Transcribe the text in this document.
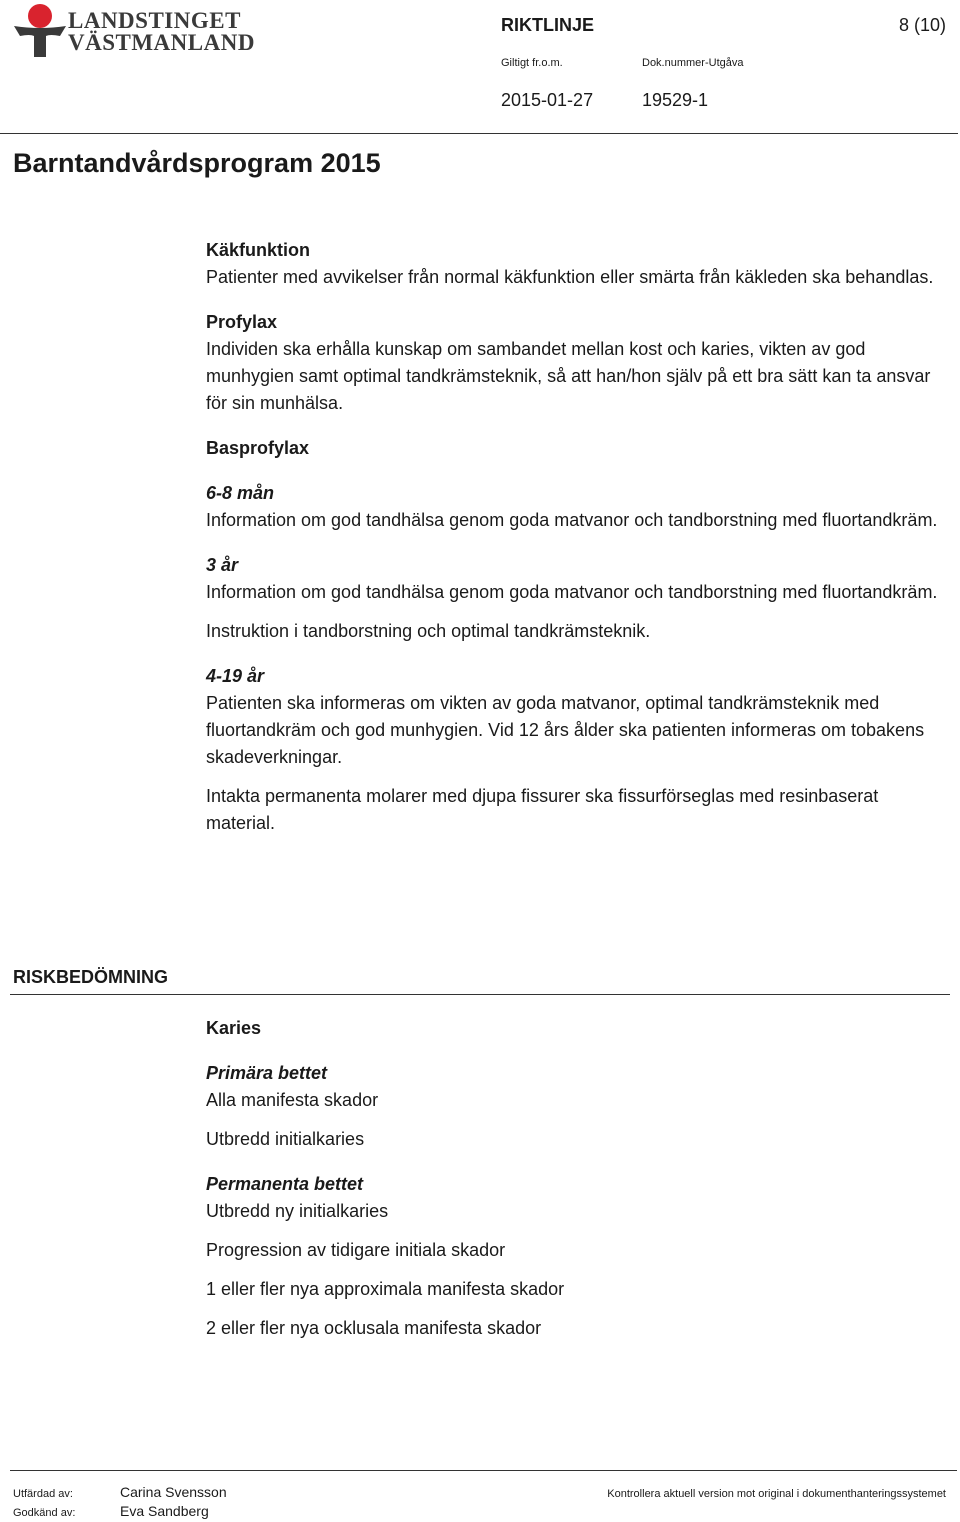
LANDSTINGET
VÄSTMANLAND
RIKTLINJE	8 (10)
Giltigt fr.o.m.	Dok.nummer-Utgåva
2015-01-27	19529-1
Barntandvårdsprogram 2015

Käkfunktion

Patienter med avvikelser från normal käkfunktion eller smärta från käkleden ska behandlas.

Profylax

Individen ska erhålla kunskap om sambandet mellan kost och karies, vikten av god munhygien samt optimal tandkrämsteknik, så att han/hon själv på ett bra sätt kan ta ansvar för sin munhälsa.

Basprofylax

6-8 mån

Information om god tandhälsa genom goda matvanor och tandborstning med fluortandkräm.

3 år

Information om god tandhälsa genom goda matvanor och tandborstning med fluortandkräm.

Instruktion i tandborstning och optimal tandkrämsteknik.

4-19 år

Patienten ska informeras om vikten av goda matvanor, optimal tandkrämsteknik med fluortandkräm och god munhygien. Vid 12 års ålder ska patienten informeras om tobakens skadeverkningar.

Intakta permanenta molarer med djupa fissurer ska fissurförseglas med resinbaserat material.

RISKBEDÖMNING

Karies

Primära bettet

Alla manifesta skador

Utbredd initialkaries

Permanenta bettet

Utbredd ny initialkaries

Progression av tidigare initiala skador

1 eller fler nya approximala manifesta skador

2 eller fler nya ocklusala manifesta skador

Utfärdad av:	Carina Svensson
Godkänd av:	Eva Sandberg
Kontrollera aktuell version mot original i dokumenthanteringssystemet
